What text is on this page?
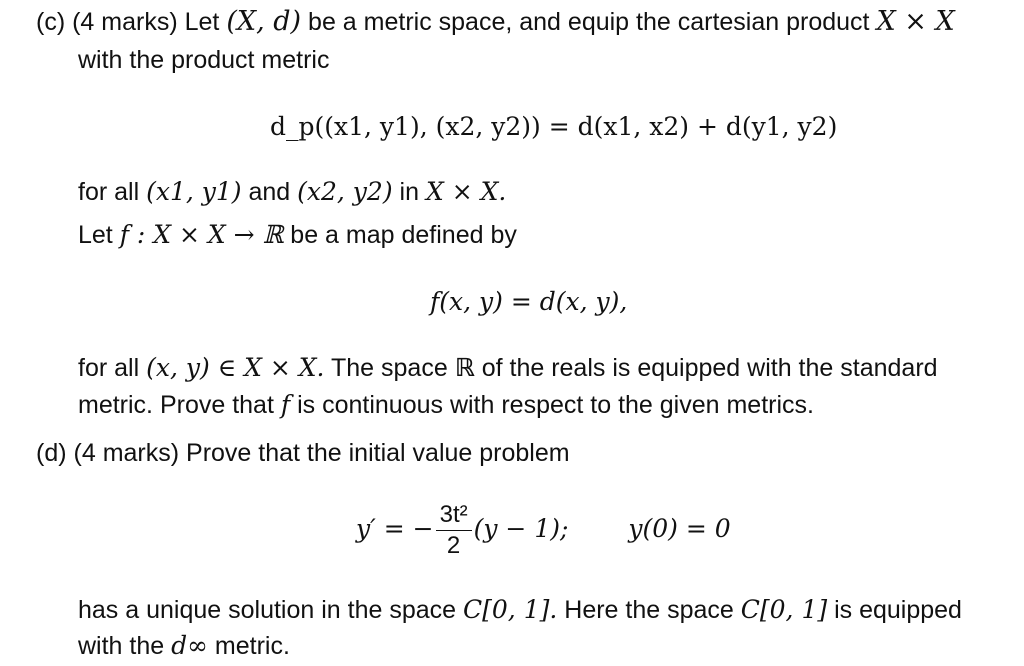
(c) (4 marks) Let (X, d) be a metric space, and equip the cartesian product X × X
with the product metric
d_p((x1, y1), (x2, y2)) = d(x1, x2) + d(y1, y2)
for all (x1, y1) and (x2, y2) in X × X.
Let f : X × X → ℝ be a map defined by
f(x, y) = d(x, y),
for all (x, y) ∈ X × X. The space ℝ of the reals is equipped with the standard
metric. Prove that f is continuous with respect to the given metrics.
(d) (4 marks) Prove that the initial value problem
y′ = − $\frac{\text{3t²}}{2} (y - 1)$; y(0) = 0
has a unique solution in the space C[0, 1]. Here the space C[0, 1] is equipped
with the d∞ metric.
